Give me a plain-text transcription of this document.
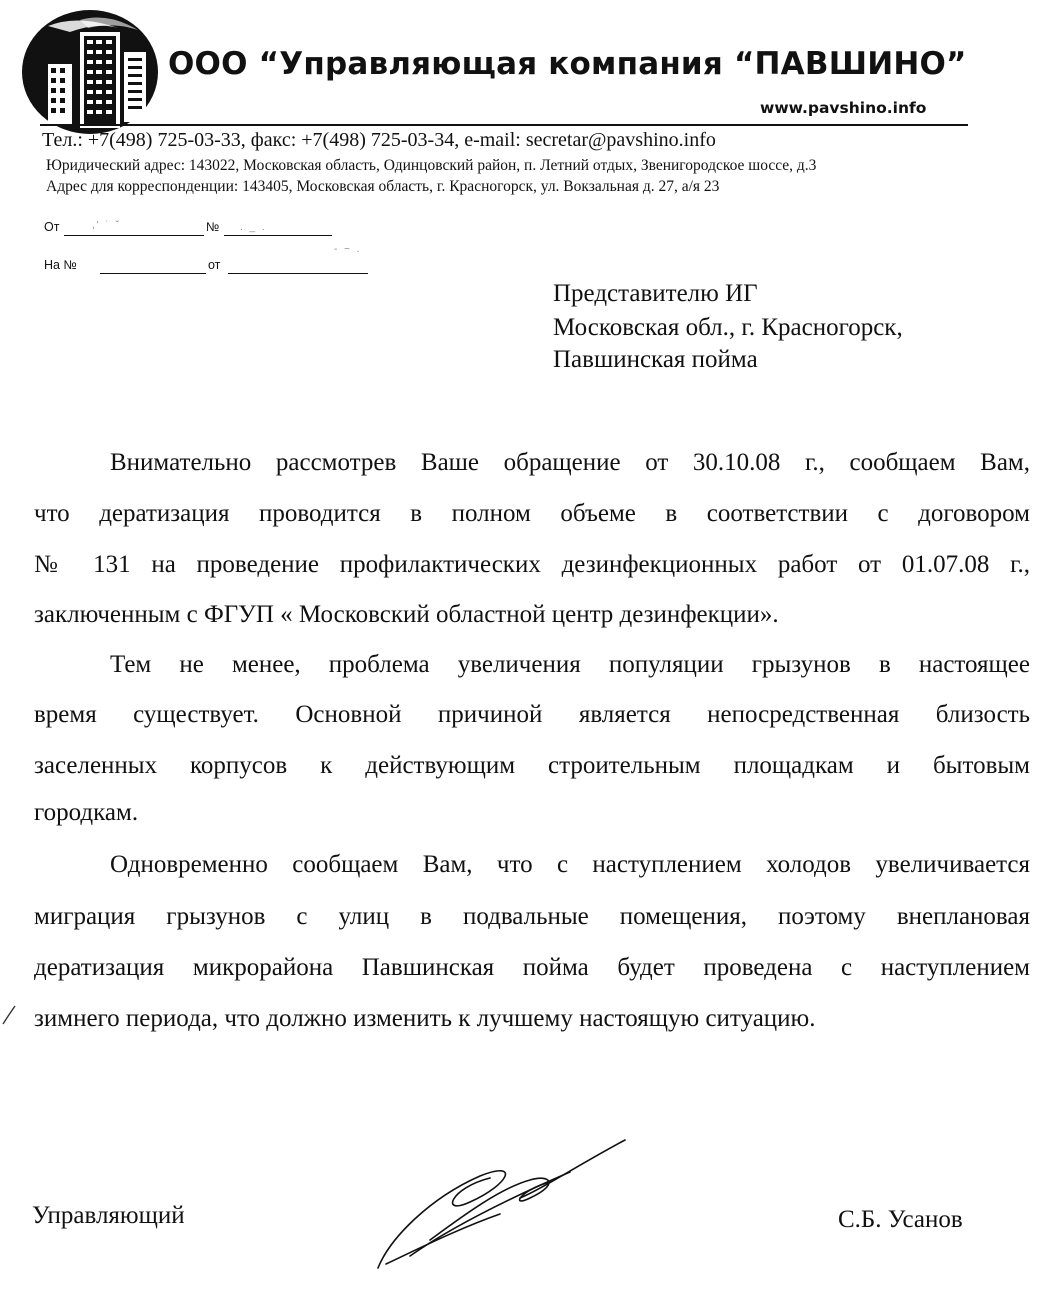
ООО “Управляющая компания “ПАВШИНО”
www.pavshino.info
Тел.: +7(498) 725-03-33, факс: +7(498) 725-03-34, e-mail: secretar@pavshino.info
Юридический адрес: 143022, Московская область, Одинцовский район, п. Летний отдых, Звенигородское шоссе, д.3
Адрес для корреспонденции: 143405, Московская область, г. Красногорск, ул. Вокзальная д. 27, а/я 23
От	,' ˙ ˇ	№ . _ .
На №	от
- ~ .
Представителю ИГ
Московская обл., г. Красногорск,
Павшинская пойма
Внимательно рассмотрев Ваше обращение от 30.10.08 г., сообщаем Вам,
что дератизация проводится в полном объеме в соответствии с договором
№ 131 на проведение профилактических дезинфекционных работ от 01.07.08 г.,
заключенным с ФГУП « Московский областной центр дезинфекции».
Тем не менее, проблема увеличения популяции грызунов в настоящее
время существует. Основной причиной является непосредственная близость
заселенных корпусов к действующим строительным площадкам и бытовым
городкам.
Одновременно сообщаем Вам, что с наступлением холодов увеличивается
миграция грызунов с улиц в подвальные помещения, поэтому внеплановая
дератизация микрорайона Павшинская пойма будет проведена с наступлением
зимнего периода, что должно изменить к лучшему настоящую ситуацию.
Управляющий	С.Б. Усанов
